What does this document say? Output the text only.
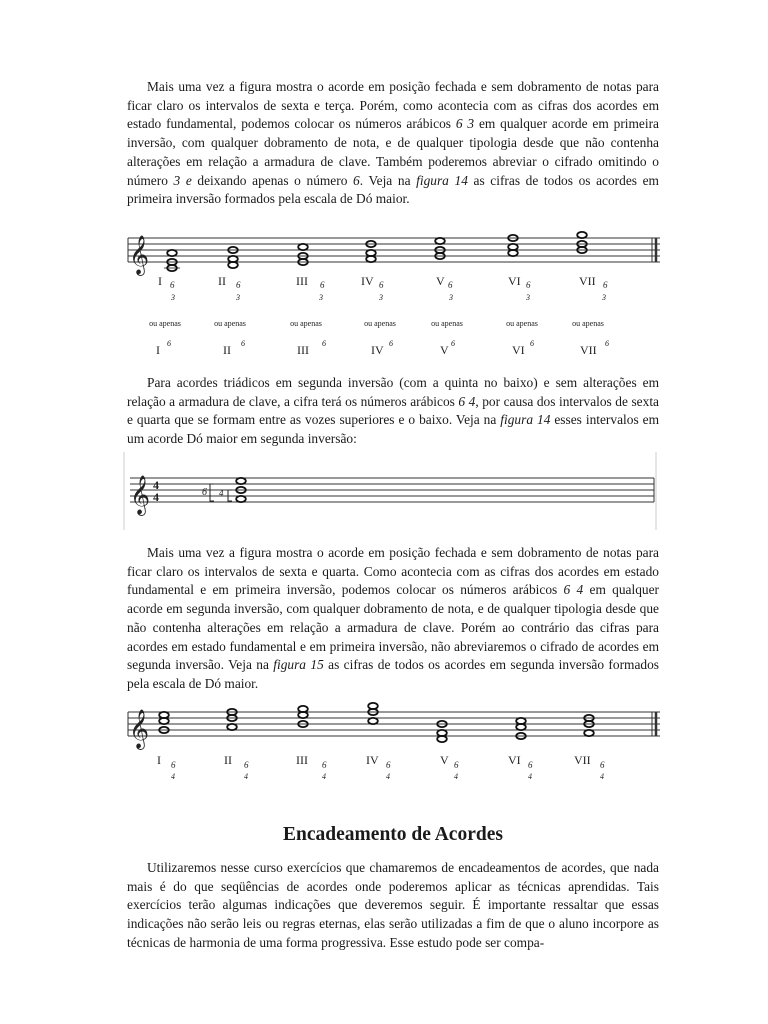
Mais uma vez a figura mostra o acorde em posição fechada e sem dobramento de notas para ficar claro os intervalos de sexta e terça. Porém, como acontecia com as cifras dos acordes em estado fundamental, podemos colocar os números arábicos 6 3 em qualquer acorde em primeira inversão, com qualquer dobramento de nota, e de qualquer tipologia desde que não contenha alterações em relação a armadura de clave. Também poderemos abreviar o cifrado omitindo o número 3 e deixando apenas o número 6. Veja na figura 14 as cifras de todos os acordes em primeira inversão formados pela escala de Dó maior.

𝄞
I 6
3
ou apenas
I 6
II 6
3
ou apenas
II 6
III 6
3
ou apenas
III 6
IV 6
3
ou apenas
IV 6
V 6
3
ou apenas
V 6
VI 6
3
ou apenas
VI 6
VII 6
3
ou apenas
VII 6

Para acordes triádicos em segunda inversão (com a quinta no baixo) e sem alterações em relação a armadura de clave, a cifra terá os números arábicos 6 4, por causa dos intervalos de sexta e quarta que se formam entre as vozes superiores e o baixo. Veja na figura 14 esses intervalos em um acorde Dó maior em segunda inversão:

𝄞 4
4	6 4

Mais uma vez a figura mostra o acorde em posição fechada e sem dobramento de notas para ficar claro os intervalos de sexta e quarta. Como acontecia com as cifras dos acordes em estado fundamental e em primeira inversão, podemos colocar os números arábicos 6 4 em qualquer acorde em segunda inversão, com qualquer dobramento de nota, e de qualquer tipologia desde que não contenha alterações em relação a armadura de clave. Porém ao contrário das cifras para acordes em estado fundamental e em primeira inversão, não abreviaremos o cifrado de acordes em segunda inversão. Veja na figura 15 as cifras de todos os acordes em segunda inversão formados pela escala de Dó maior.

𝄞
I 6
4
II 6
4
III 6
4
IV 6
4
V 6
4
VI 6
4
VII 6
4
Encadeamento de Acordes

Utilizaremos nesse curso exercícios que chamaremos de encadeamentos de acordes, que nada mais é do que seqüências de acordes onde poderemos aplicar as técnicas aprendidas. Tais exercícios terão algumas indicações que deveremos seguir. É importante ressaltar que essas indicações não serão leis ou regras eternas, elas serão utilizadas a fim de que o aluno incorpore as técnicas de harmonia de uma forma progressiva. Esse estudo pode ser compa-
